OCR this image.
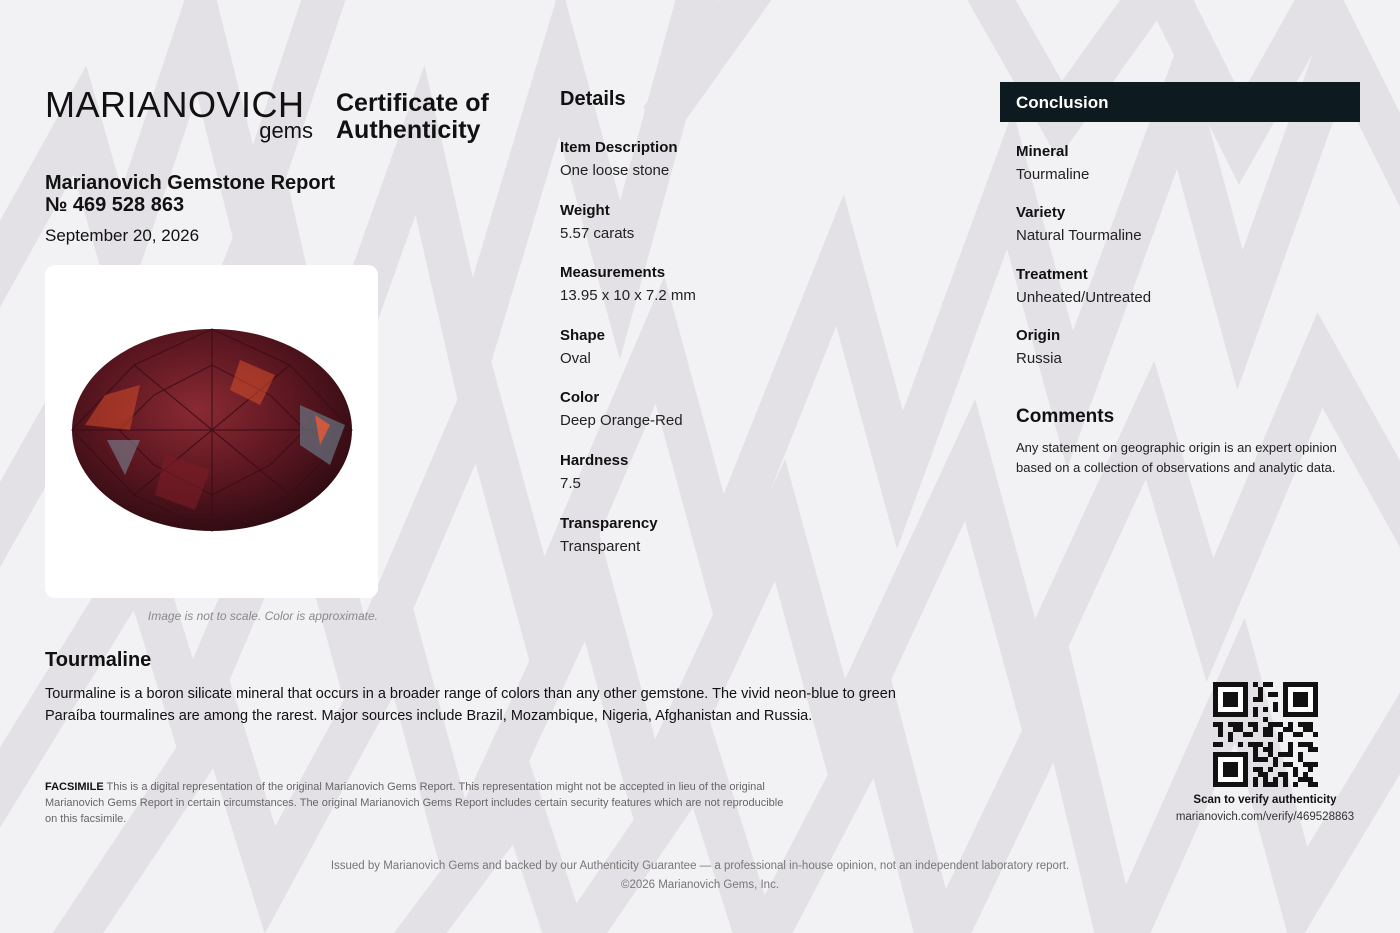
MARIANOVICH
gems
Certificate of Authenticity
Marianovich Gemstone Report
№ 469 528 863
September 20, 2026
Image is not to scale. Color is approximate.
Details
Item Description
One loose stone
Weight
5.57 carats
Measurements
13.95 x 10 x 7.2 mm
Shape
Oval
Color
Deep Orange-Red
Hardness
7.5
Transparency
Transparent
Conclusion
Mineral
Tourmaline
Variety
Natural Tourmaline
Treatment
Unheated/Untreated
Origin
Russia
Comments
Any statement on geographic origin is an expert opinion based on a collection of observations and analytic data.
Tourmaline
Tourmaline is a boron silicate mineral that occurs in a broader range of colors than any other gemstone. The vivid neon-blue to green Paraíba tourmalines are among the rarest. Major sources include Brazil, Mozambique, Nigeria, Afghanistan and Russia.
FACSIMILE This is a digital representation of the original Marianovich Gems Report. This representation might not be accepted in lieu of the original Marianovich Gems Report in certain circumstances. The original Marianovich Gems Report includes certain security features which are not reproducible on this facsimile.
Scan to verify authenticity
marianovich.com/verify/469528863
Issued by Marianovich Gems and backed by our Authenticity Guarantee — a professional in-house opinion, not an independent laboratory report.
©2026 Marianovich Gems, Inc.
